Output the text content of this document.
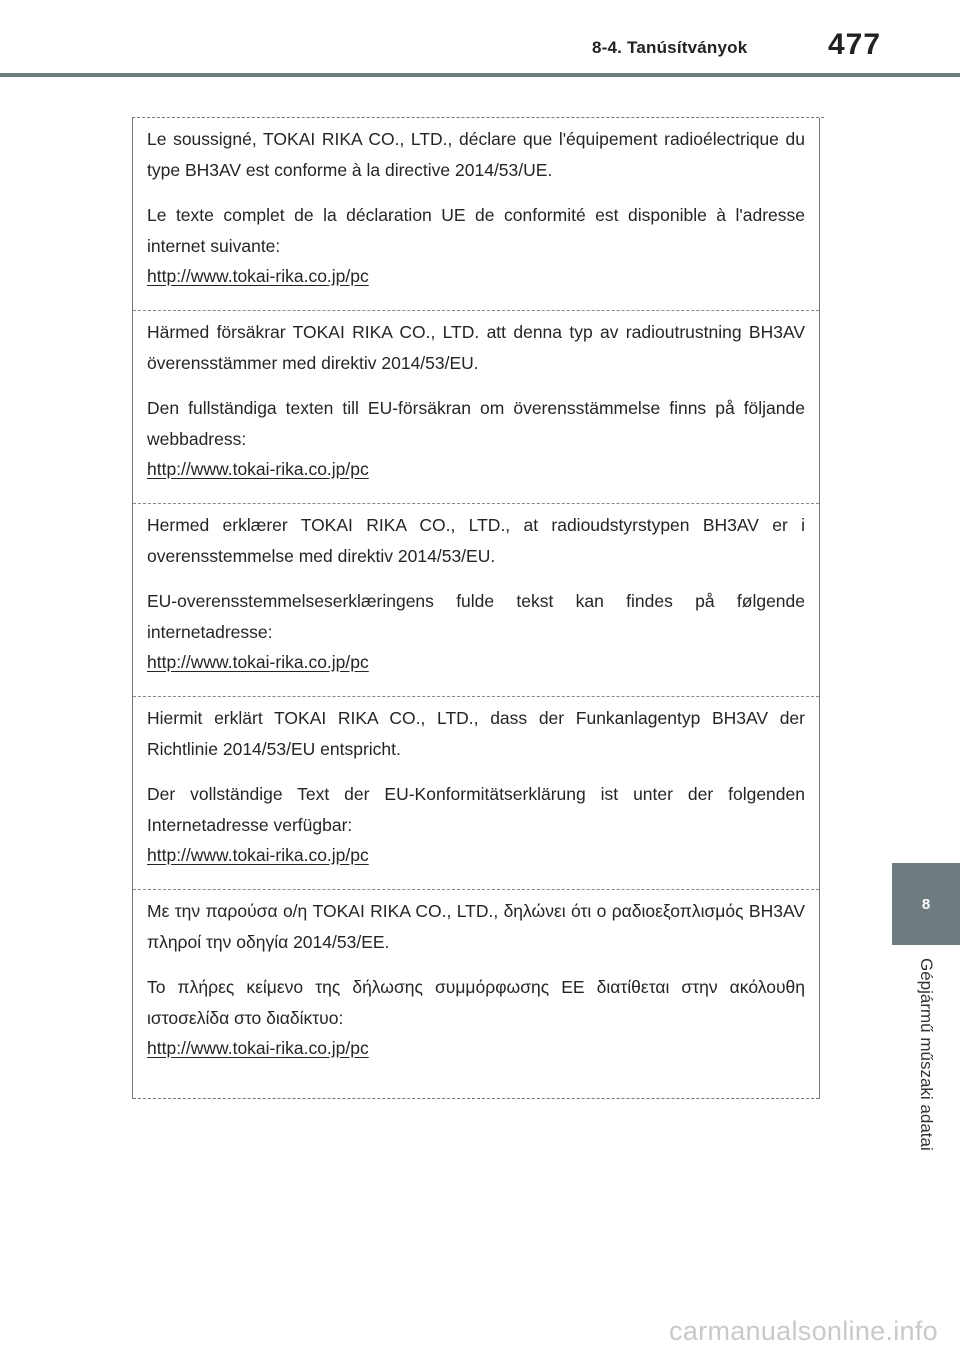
8-4. Tanúsítványok	477

Le soussigné, TOKAI RIKA CO., LTD., déclare que l'équipement radioélectrique du type BH3AV est conforme à la directive 2014/53/UE.

Le texte complet de la déclaration UE de conformité est disponible à l'adresse internet suivante:

http://www.tokai-rika.co.jp/pc

Härmed försäkrar TOKAI RIKA CO., LTD. att denna typ av radioutrustning BH3AV överensstämmer med direktiv 2014/53/EU.

Den fullständiga texten till EU-försäkran om överensstämmelse finns på följande webbadress:

http://www.tokai-rika.co.jp/pc

Hermed erklærer TOKAI RIKA CO., LTD., at radioudstyrstypen BH3AV er i overensstemmelse med direktiv 2014/53/EU.

EU-overensstemmelseserklæringens fulde tekst kan findes på følgende internetadresse:

http://www.tokai-rika.co.jp/pc

Hiermit erklärt TOKAI RIKA CO., LTD., dass der Funkanlagentyp BH3AV der Richtlinie 2014/53/EU entspricht.

Der vollständige Text der EU-Konformitätserklärung ist unter der folgenden Internetadresse verfügbar:

http://www.tokai-rika.co.jp/pc

Με την παρούσα ο/η TOKAI RIKA CO., LTD., δηλώνει ότι ο ραδιοεξοπλισμός BH3AV πληροί την οδηγία 2014/53/ΕΕ.

Το πλήρες κείμενο της δήλωσης συμμόρφωσης ΕΕ διατίθεται στην ακόλουθη ιστοσελίδα στο διαδίκτυο:

http://www.tokai-rika.co.jp/pc
8
Gépjármű műszaki adatai
carmanualsonline.info
